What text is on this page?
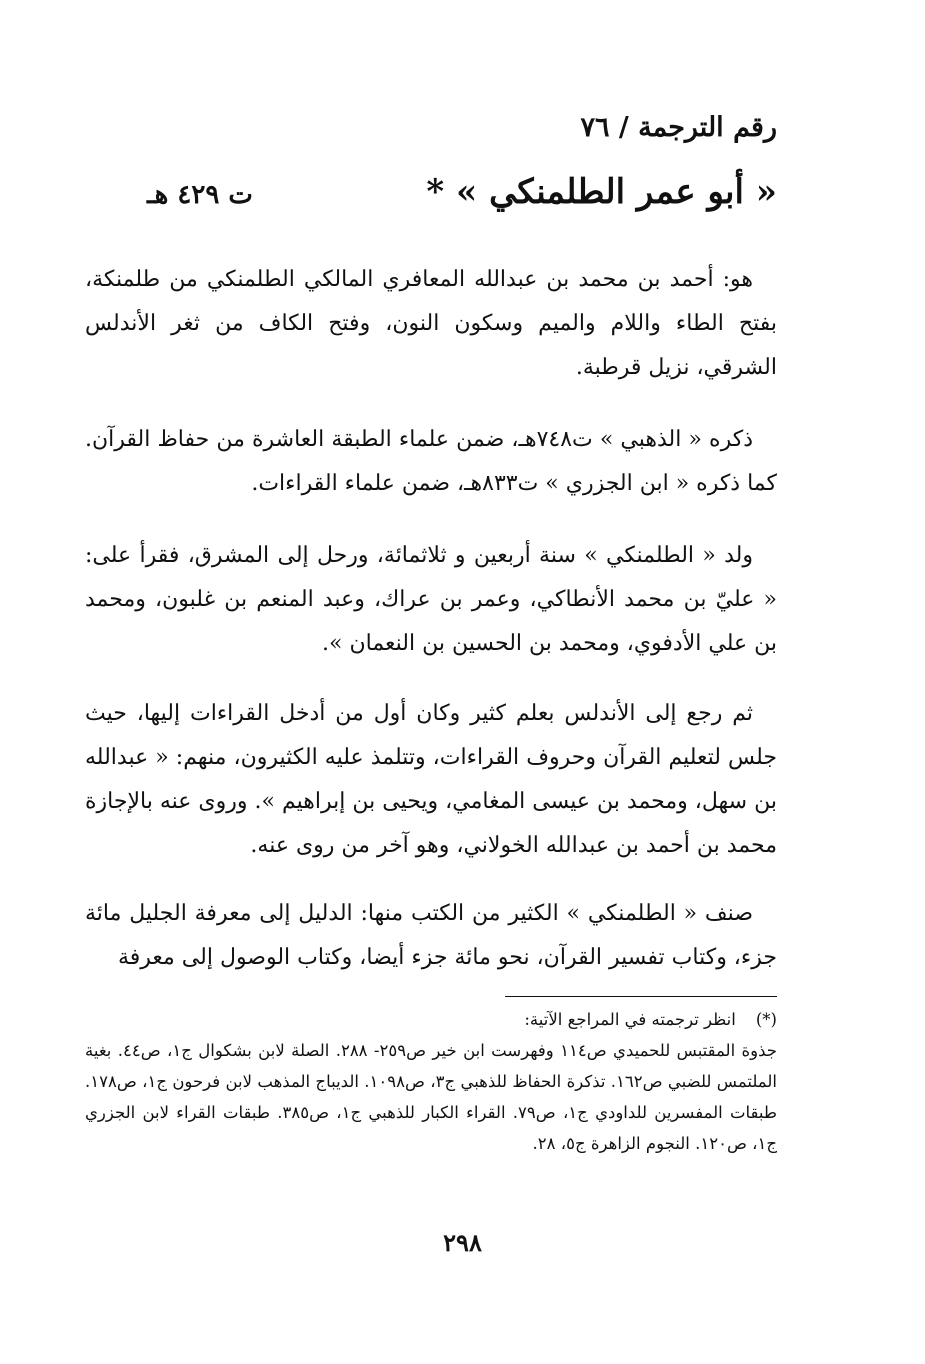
رقم الترجمة / ٧٦
« أبو عمر الطلمنكي » *
ت ٤٢٩ هـ
هو: أحمد بن محمد بن عبدالله المعافري المالكي الطلمنكي من طلمنكة، بفتح الطاء واللام والميم وسكون النون، وفتح الكاف من ثغر الأندلس الشرقي، نزيل قرطبة.
ذكره « الذهبي » ت٧٤٨هـ، ضمن علماء الطبقة العاشرة من حفاظ القرآن. كما ذكره « ابن الجزري » ت٨٣٣هـ، ضمن علماء القراءات.
ولد « الطلمنكي » سنة أربعين و ثلاثمائة، ورحل إلى المشرق، فقرأ على: « عليّ بن محمد الأنطاكي، وعمر بن عراك، وعبد المنعم بن غلبون، ومحمد بن علي الأدفوي، ومحمد بن الحسين بن النعمان ».
ثم رجع إلى الأندلس بعلم كثير وكان أول من أدخل القراءات إليها، حيث جلس لتعليم القرآن وحروف القراءات، وتتلمذ عليه الكثيرون، منهم: « عبدالله بن سهل، ومحمد بن عيسى المغامي، ويحيى بن إبراهيم ». وروى عنه بالإجازة محمد بن أحمد بن عبدالله الخولاني، وهو آخر من روى عنه.
صنف « الطلمنكي » الكثير من الكتب منها: الدليل إلى معرفة الجليل مائة جزء، وكتاب تفسير القرآن، نحو مائة جزء أيضا، وكتاب الوصول إلى معرفة
(*)انظر ترجمته في المراجع الآتية:
جذوة المقتبس للحميدي ص١١٤ وفهرست ابن خير ص٢٥٩- ٢٨٨. الصلة لابن بشكوال ج١، ص٤٤. بغية الملتمس للضبي ص١٦٢. تذكرة الحفاظ للذهبي ج٣، ص١٠٩٨. الديباج المذهب لابن فرحون ج١، ص١٧٨. طبقات المفسرين للداودي ج١، ص٧٩. القراء الكبار للذهبي ج١، ص٣٨٥. طبقات القراء لابن الجزري ج١، ص١٢٠. النجوم الزاهرة ج٥، ٢٨.
٢٩٨
